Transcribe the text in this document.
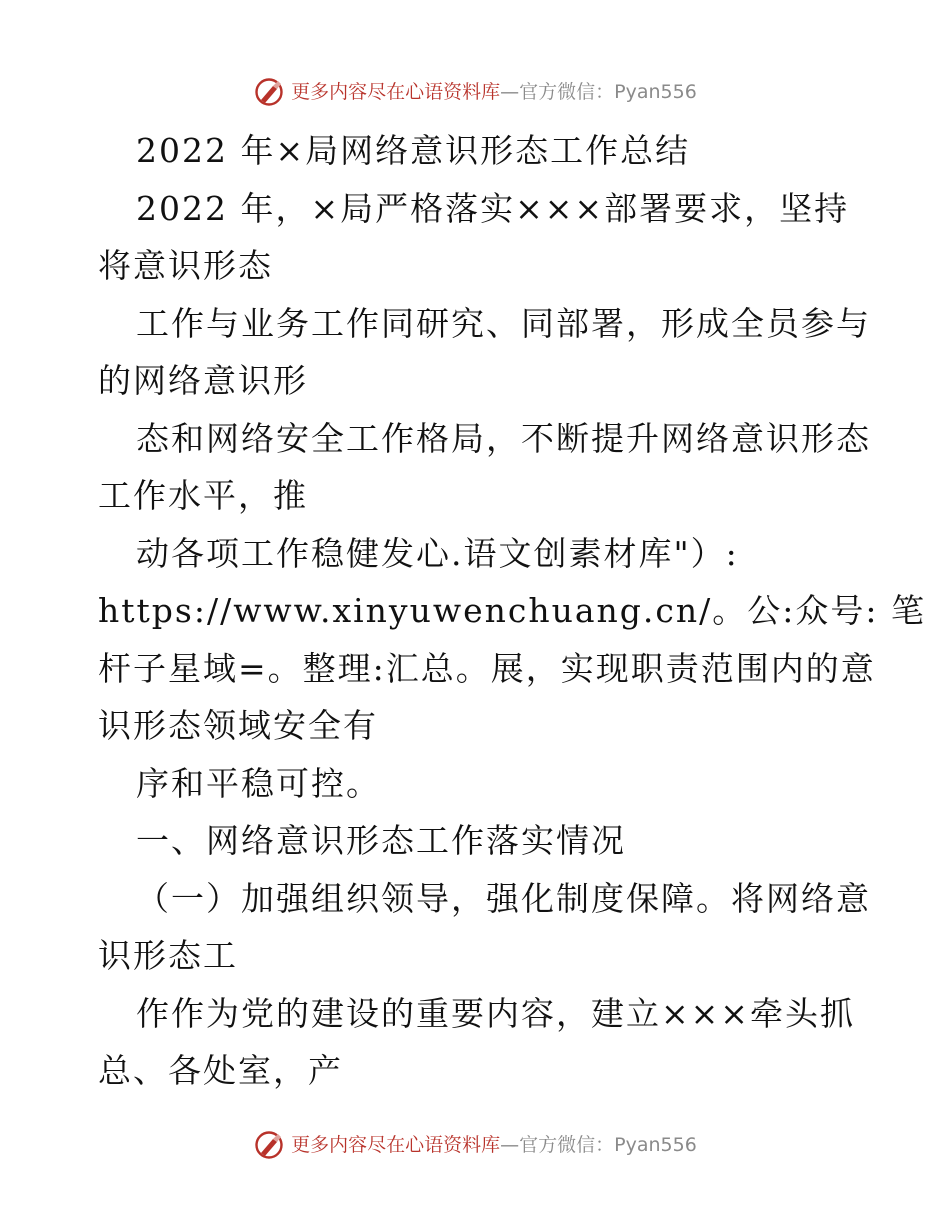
更多内容尽在心语资料库 —官方微信：Pyan556
2022 年×局网络意识形态工作总结
2022 年，×局严格落实×××部署要求，坚持
将意识形态
工作与业务工作同研究、同部署，形成全员参与
的网络意识形
态和网络安全工作格局，不断提升网络意识形态
工作水平，推
动各项工作稳健发心.语文创素材库"）:
https://www.xinyuwenchuang.cn/。公:众号: 笔
杆子星域=。整理:汇总。展，实现职责范围内的意
识形态领域安全有
序和平稳可控。
一、网络意识形态工作落实情况
（一）加强组织领导，强化制度保障。将网络意
识形态工
作作为党的建设的重要内容，建立×××牵头抓
总、各处室，产
更多内容尽在心语资料库 —官方微信：Pyan556
